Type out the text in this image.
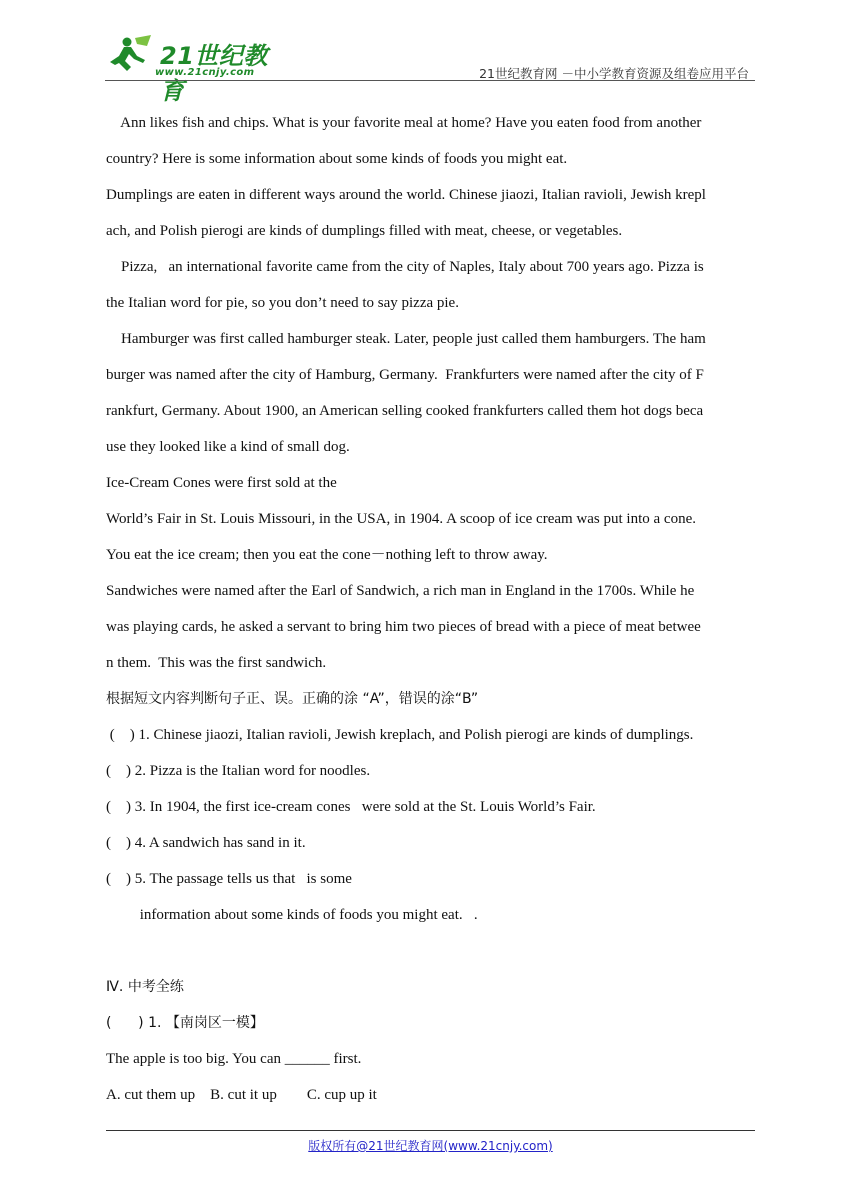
21世纪教育
www.21cnjy.com	21世纪教育网 －中小学教育资源及组卷应用平台
Ann likes fish and chips. What is your favorite meal at home? Have you eaten food from another
country? Here is some information about some kinds of foods you might eat.
Dumplings are eaten in different ways around the world. Chinese jiaozi, Italian ravioli, Jewish krepl
ach, and Polish pierogi are kinds of dumplings filled with meat, cheese, or vegetables.
Pizza,   an international favorite came from the city of Naples, Italy about 700 years ago. Pizza is
the Italian word for pie, so you don’t need to say pizza pie.
Hamburger was first called hamburger steak. Later, people just called them hamburgers. The ham
burger was named after the city of Hamburg, Germany.  Frankfurters were named after the city of F
rankfurt, Germany. About 1900, an American selling cooked frankfurters called them hot dogs beca
use they looked like a kind of small dog.
Ice-Cream Cones were first sold at the
World’s Fair in St. Louis Missouri, in the USA, in 1904. A scoop of ice cream was put into a cone.
You eat the ice cream; then you eat the cone－nothing left to throw away.
Sandwiches were named after the Earl of Sandwich, a rich man in England in the 1700s. While he
was playing cards, he asked a servant to bring him two pieces of bread with a piece of meat betwee
n them.  This was the first sandwich.
根据短文内容判断句子正、误。正确的涂 “A”，错误的涂“B”
(    ) 1. Chinese jiaozi, Italian ravioli, Jewish kreplach, and Polish pierogi are kinds of dumplings.
(    ) 2. Pizza is the Italian word for noodles.
(    ) 3. In 1904, the first ice-cream cones   were sold at the St. Louis World’s Fair.
(    ) 4. A sandwich has sand in it.
(    ) 5. The passage tells us that   is some
information about some kinds of foods you might eat.   .
Ⅳ. 中考全练
(      ) 1. 【南岗区一模】
The apple is too big. You can ______ first.
A. cut them up    B. cut it up        C. cup up it
版权所有@21世纪教育网(www.21cnjy.com)
